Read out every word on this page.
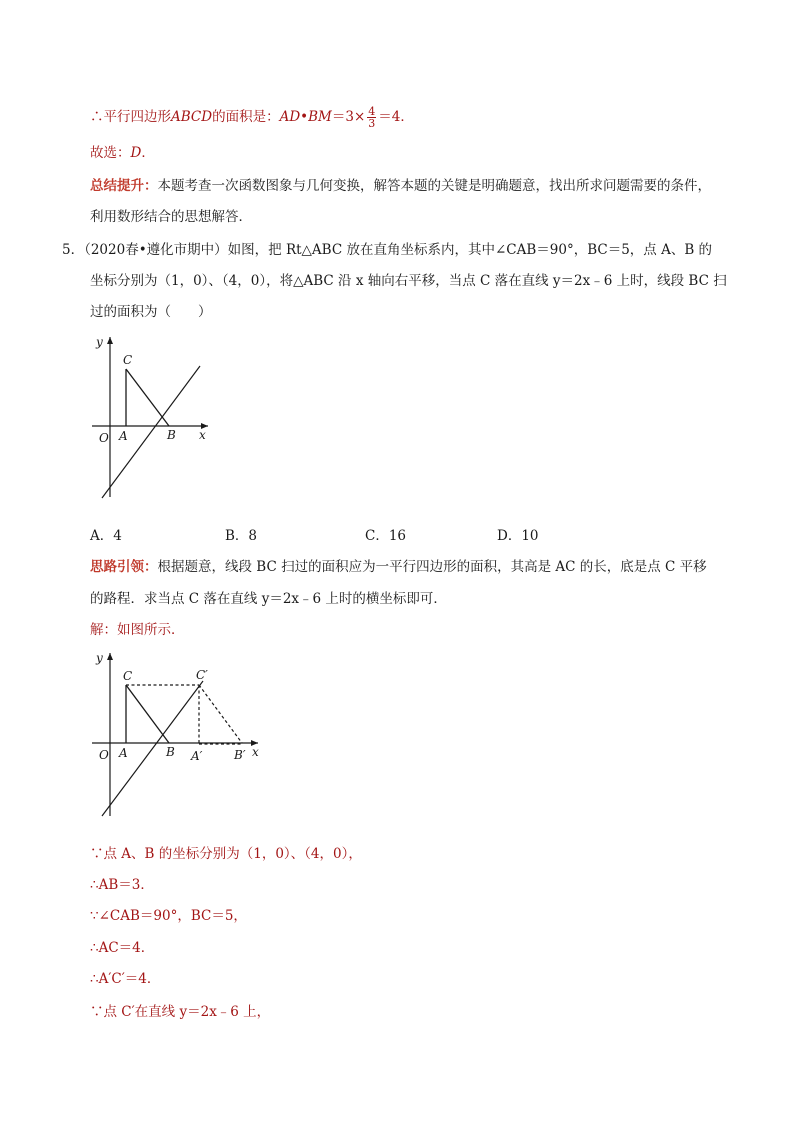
∴平行四边形ABCD的面积是：AD•BM＝3× $\frac{4}{3} =4$．
故选：D．
总结提升：本题考查一次函数图象与几何变换，解答本题的关键是明确题意，找出所求问题需要的条件，
利用数形结合的思想解答．
5．（2020春•遵化市期中）如图，把 Rt△ABC 放在直角坐标系内，其中∠CAB＝90°，BC＝5，点 A、B 的
坐标分别为（1，0）、（4，0），将△ABC 沿 x 轴向右平移，当点 C 落在直线 y＝2x﹣6 上时，线段 BC 扫
过的面积为（　　）
y
x
O A	B
C
A．4	B．8	C．16	D．10
思路引领：根据题意，线段 BC 扫过的面积应为一平行四边形的面积，其高是 AC 的长，底是点 C 平移
的路程．求当点 C 落在直线 y＝2x﹣6 上时的横坐标即可．
解：如图所示．
y
x
O A	B
C	C′
A′	B′
∵点 A、B 的坐标分别为（1，0）、（4，0），
∴AB＝3．
∵∠CAB＝90°，BC＝5，
∴AC＝4．
∴A′C′＝4．
∵点 C′在直线 y＝2x﹣6 上，
